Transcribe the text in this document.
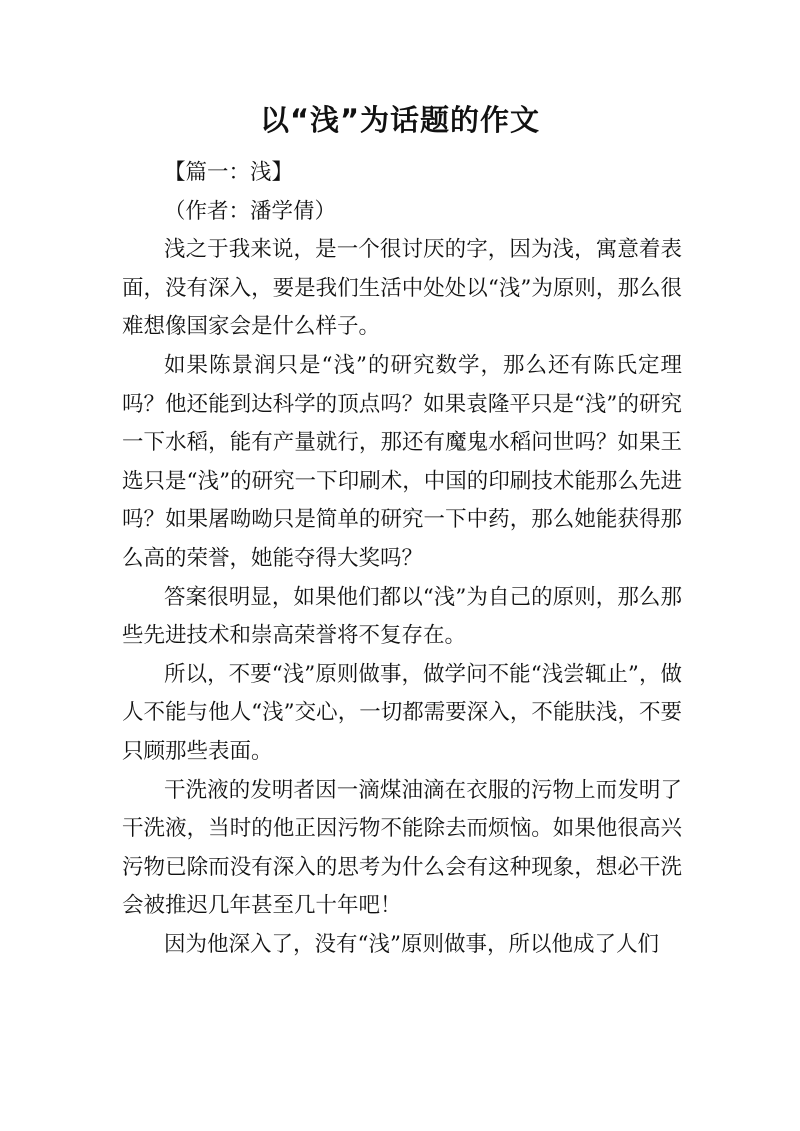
以“浅”为话题的作文

【篇一：浅】

（作者：潘学倩）

浅之于我来说，是一个很讨厌的字，因为浅，寓意着表面，没有深入，要是我们生活中处处以“浅”为原则，那么很难想像国家会是什么样子。

如果陈景润只是“浅”的研究数学，那么还有陈氏定理吗？他还能到达科学的顶点吗？如果袁隆平只是“浅”的研究一下水稻，能有产量就行，那还有魔鬼水稻问世吗？如果王选只是“浅”的研究一下印刷术，中国的印刷技术能那么先进吗？如果屠呦呦只是简单的研究一下中药，那么她能获得那么高的荣誉，她能夺得大奖吗？

答案很明显，如果他们都以“浅”为自己的原则，那么那些先进技术和崇高荣誉将不复存在。

所以，不要“浅”原则做事，做学问不能“浅尝辄止”，做人不能与他人“浅”交心，一切都需要深入，不能肤浅，不要只顾那些表面。

干洗液的发明者因一滴煤油滴在衣服的污物上而发明了干洗液，当时的他正因污物不能除去而烦恼。如果他很高兴污物已除而没有深入的思考为什么会有这种现象，想必干洗会被推迟几年甚至几十年吧！

因为他深入了，没有“浅”原则做事，所以他成了人们
